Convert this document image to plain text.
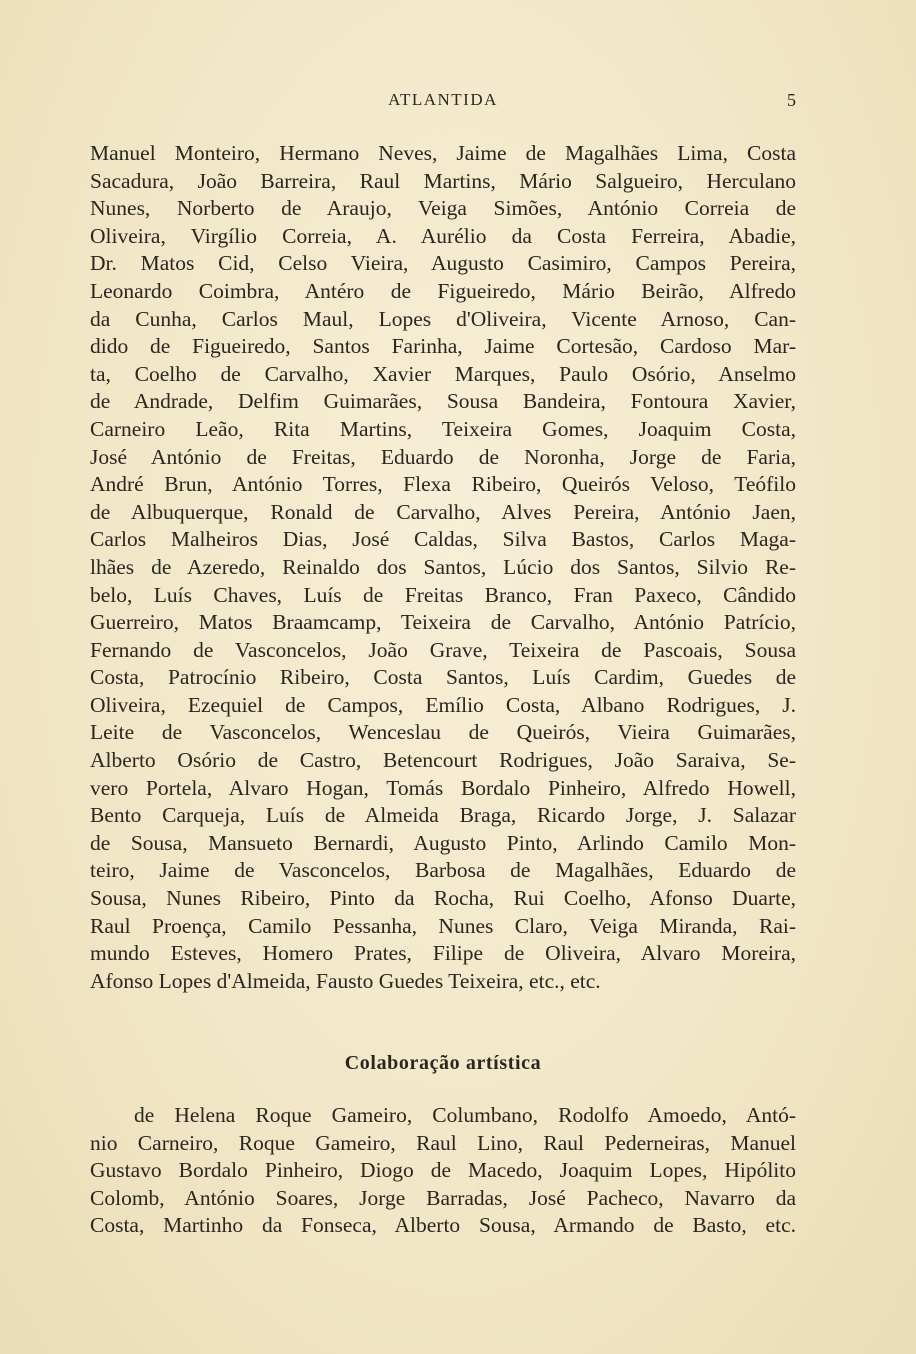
ATLANTIDA	5
Manuel Monteiro, Hermano Neves, Jaime de Magalhães Lima, Costa
Sacadura, João Barreira, Raul Martins, Mário Salgueiro, Herculano
Nunes, Norberto de Araujo, Veiga Simões, António Correia de
Oliveira, Virgílio Correia, A. Aurélio da Costa Ferreira, Abadie,
Dr. Matos Cid, Celso Vieira, Augusto Casimiro, Campos Pereira,
Leonardo Coimbra, Antéro de Figueiredo, Mário Beirão, Alfredo
da Cunha, Carlos Maul, Lopes d'Oliveira, Vicente Arnoso, Can-
dido de Figueiredo, Santos Farinha, Jaime Cortesão, Cardoso Mar-
ta, Coelho de Carvalho, Xavier Marques, Paulo Osório, Anselmo
de Andrade, Delfim Guimarães, Sousa Bandeira, Fontoura Xavier,
Carneiro Leão, Rita Martins, Teixeira Gomes, Joaquim Costa,
José António de Freitas, Eduardo de Noronha, Jorge de Faria,
André Brun, António Torres, Flexa Ribeiro, Queirós Veloso, Teófilo
de Albuquerque, Ronald de Carvalho, Alves Pereira, António Jaen,
Carlos Malheiros Dias, José Caldas, Silva Bastos, Carlos Maga-
lhães de Azeredo, Reinaldo dos Santos, Lúcio dos Santos, Silvio Re-
belo, Luís Chaves, Luís de Freitas Branco, Fran Paxeco, Cândido
Guerreiro, Matos Braamcamp, Teixeira de Carvalho, António Patrício,
Fernando de Vasconcelos, João Grave, Teixeira de Pascoais, Sousa
Costa, Patrocínio Ribeiro, Costa Santos, Luís Cardim, Guedes de
Oliveira, Ezequiel de Campos, Emílio Costa, Albano Rodrigues, J.
Leite de Vasconcelos, Wenceslau de Queirós, Vieira Guimarães,
Alberto Osório de Castro, Betencourt Rodrigues, João Saraiva, Se-
vero Portela, Alvaro Hogan, Tomás Bordalo Pinheiro, Alfredo Howell,
Bento Carqueja, Luís de Almeida Braga, Ricardo Jorge, J. Salazar
de Sousa, Mansueto Bernardi, Augusto Pinto, Arlindo Camilo Mon-
teiro, Jaime de Vasconcelos, Barbosa de Magalhães, Eduardo de
Sousa, Nunes Ribeiro, Pinto da Rocha, Rui Coelho, Afonso Duarte,
Raul Proença, Camilo Pessanha, Nunes Claro, Veiga Miranda, Rai-
mundo Esteves, Homero Prates, Filipe de Oliveira, Alvaro Moreira,
Afonso Lopes d'Almeida, Fausto Guedes Teixeira, etc., etc.
Colaboração artística
de Helena Roque Gameiro, Columbano, Rodolfo Amoedo, Antó-
nio Carneiro, Roque Gameiro, Raul Lino, Raul Pederneiras, Manuel
Gustavo Bordalo Pinheiro, Diogo de Macedo, Joaquim Lopes, Hipólito
Colomb, António Soares, Jorge Barradas, José Pacheco, Navarro da
Costa, Martinho da Fonseca, Alberto Sousa, Armando de Basto, etc.
